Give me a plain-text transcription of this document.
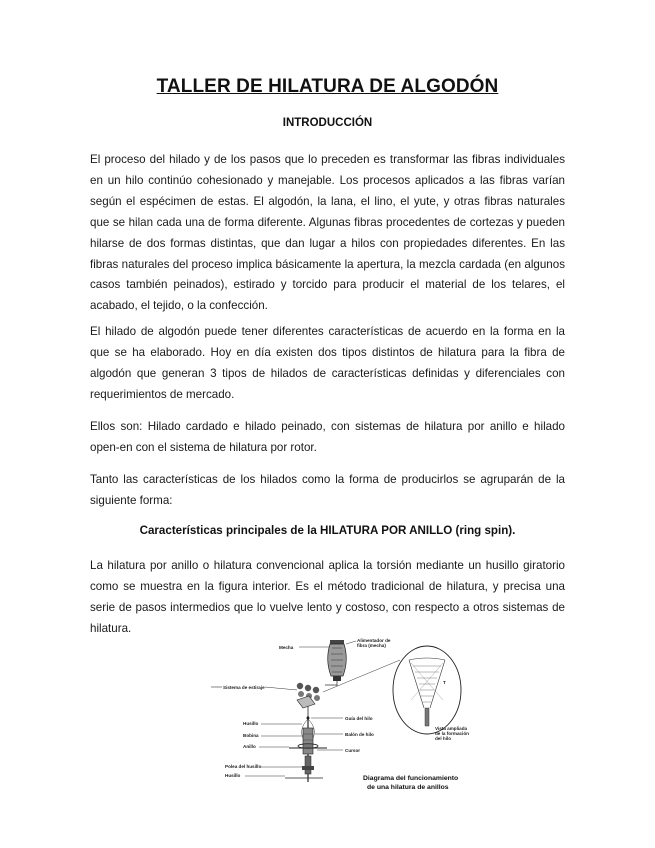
TALLER DE HILATURA DE ALGODÓN
INTRODUCCIÓN

El proceso del hilado y de los pasos que lo preceden es transformar las fibras individuales en un hilo continúo cohesionado y manejable. Los procesos aplicados a las fibras varían según el espécimen de estas. El algodón, la lana, el lino, el yute, y otras fibras naturales que se hilan cada una de forma diferente. Algunas fibras procedentes de cortezas y pueden hilarse de dos formas distintas, que dan lugar a hilos con propiedades diferentes. En las fibras naturales del proceso implica básicamente la apertura, la mezcla cardada (en algunos casos también peinados), estirado y torcido para producir el material de los telares, el acabado, el tejido, o la confección.

El hilado de algodón puede tener diferentes características de acuerdo en la forma en la que se ha elaborado. Hoy en día existen dos tipos distintos de hilatura para la fibra de algodón que generan 3 tipos de hilados de características definidas y diferenciales con requerimientos de mercado.

Ellos son: Hilado cardado e hilado peinado, con sistemas de hilatura por anillo e hilado open-en con el sistema de hilatura por rotor.

Tanto las características de los hilados como la forma de producirlos se agruparán de la siguiente forma:

Características principales de la HILATURA POR ANILLO (ring spin).

La hilatura por anillo o hilatura convencional aplica la torsión mediante un husillo giratorio como se muestra en la figura interior. Es el método tradicional de hilatura, y precisa una serie de pasos intermedios que lo vuelve lento y costoso, con respecto a otros sistemas de hilatura.

Mecha
Alimentador de
fibra (mecha)
Sistema de estiraje
Husillo
Bobina
Anillo
Polea del husillo
Husillo
Guía del hilo
Balón de hilo
Cursor
T
Vista ampliada
de la formación
del hilo
Diagrama del funcionamiento
de una hilatura de anillos
